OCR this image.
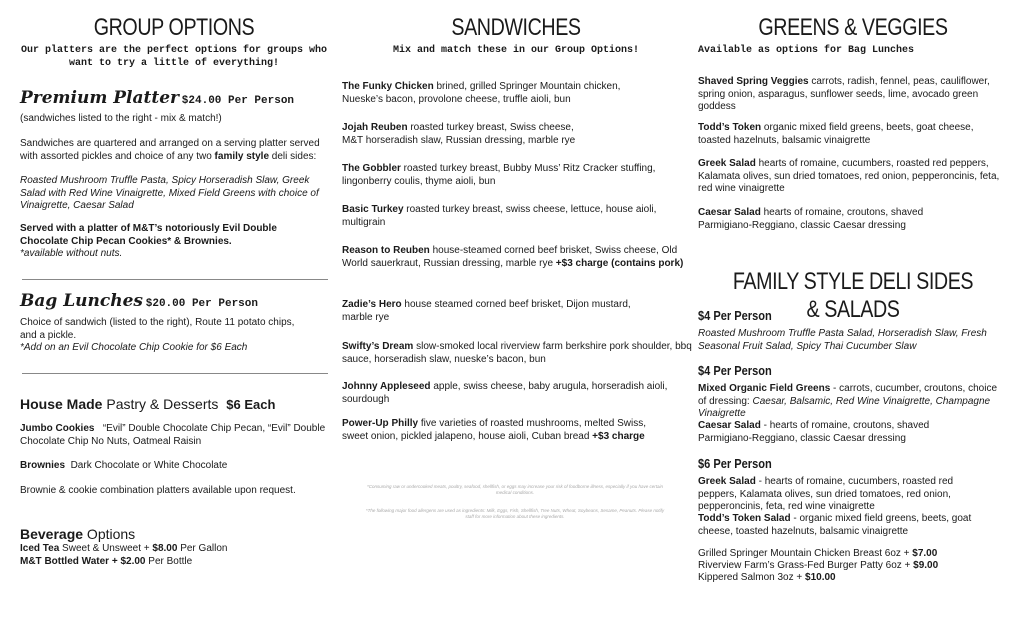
GROUP OPTIONS
Our platters are the perfect options for groups who want to try a little of everything!
Premium Platter $24.00 Per Person
(sandwiches listed to the right - mix & match!)
Sandwiches are quartered and arranged on a serving platter served with assorted pickles and choice of any two family style deli sides:
Roasted Mushroom Truffle Pasta, Spicy Horseradish Slaw, Greek Salad with Red Wine Vinaigrette, Mixed Field Greens with choice of Vinaigrette, Caesar Salad
Served with a platter of M&T’s notoriously Evil Double Chocolate Chip Pecan Cookies* & Brownies.
*available without nuts.
Bag Lunches $20.00 Per Person
Choice of sandwich (listed to the right), Route 11 potato chips, and a pickle.
*Add on an Evil Chocolate Chip Cookie for $6 Each
House Made Pastry & Desserts $6 Each
Jumbo Cookies “Evil” Double Chocolate Chip Pecan, “Evil” Double Chocolate Chip No Nuts, Oatmeal Raisin
Brownies Dark Chocolate or White Chocolate
Brownie & cookie combination platters available upon request.
Beverage Options
Iced Tea Sweet & Unsweet + $8.00 Per Gallon
M&T Bottled Water + $2.00 Per Bottle
SANDWICHES
Mix and match these in our Group Options!
The Funky Chicken brined, grilled Springer Mountain chicken, Nueske’s bacon, provolone cheese, truffle aioli, bun
Jojah Reuben roasted turkey breast, Swiss cheese, M&T horseradish slaw, Russian dressing, marble rye
The Gobbler roasted turkey breast, Bubby Muss’ Ritz Cracker stuffing, lingonberry coulis, thyme aioli, bun
Basic Turkey roasted turkey breast, swiss cheese, lettuce, house aioli, multigrain
Reason to Reuben house-steamed corned beef brisket, Swiss cheese, Old World sauerkraut, Russian dressing, marble rye +$3 charge (contains pork)
Zadie’s Hero house steamed corned beef brisket, Dijon mustard, marble rye
Swifty’s Dream slow-smoked local riverview farm berkshire pork shoulder, bbq sauce, horseradish slaw, nueske’s bacon, bun
Johnny Appleseed apple, swiss cheese, baby arugula, horseradish aioli, sourdough
Power-Up Philly five varieties of roasted mushrooms, melted Swiss, sweet onion, pickled jalapeno, house aioli, Cuban bread +$3 charge
*Consuming raw or undercooked meats, poultry, seafood, shellfish, or eggs may increase your risk of foodborne illness, especially if you have certain medical conditions.
*The following major food allergens are used as ingredients: Milk, Eggs, Fish, Shellfish, Tree Nuts, Wheat, Soybeans, Sesame, Peanuts. Please notify staff for more information about these ingredients.
GREENS & VEGGIES
Available as options for Bag Lunches
Shaved Spring Veggies carrots, radish, fennel, peas, cauliflower, spring onion, asparagus, sunflower seeds, lime, avocado green goddess
Todd’s Token organic mixed field greens, beets, goat cheese, toasted hazelnuts, balsamic vinaigrette
Greek Salad hearts of romaine, cucumbers, roasted red peppers, Kalamata olives, sun dried tomatoes, red onion, pepperoncinis, feta, red wine vinaigrette
Caesar Salad hearts of romaine, croutons, shaved Parmigiano-Reggiano, classic Caesar dressing
FAMILY STYLE DELI SIDES & SALADS
$4 Per Person
Roasted Mushroom Truffle Pasta Salad, Horseradish Slaw, Fresh Seasonal Fruit Salad, Spicy Thai Cucumber Slaw
$4 Per Person
Mixed Organic Field Greens - carrots, cucumber, croutons, choice of dressing: Caesar, Balsamic, Red Wine Vinaigrette, Champagne Vinaigrette
Caesar Salad - hearts of romaine, croutons, shaved Parmigiano-Reggiano, classic Caesar dressing
$6 Per Person
Greek Salad - hearts of romaine, cucumbers, roasted red peppers, Kalamata olives, sun dried tomatoes, red onion, pepperoncinis, feta, red wine vinaigrette
Todd’s Token Salad - organic mixed field greens, beets, goat cheese, toasted hazelnuts, balsamic vinaigrette
Grilled Springer Mountain Chicken Breast 6oz + $7.00
Riverview Farm’s Grass-Fed Burger Patty 6oz + $9.00
Kippered Salmon 3oz + $10.00
